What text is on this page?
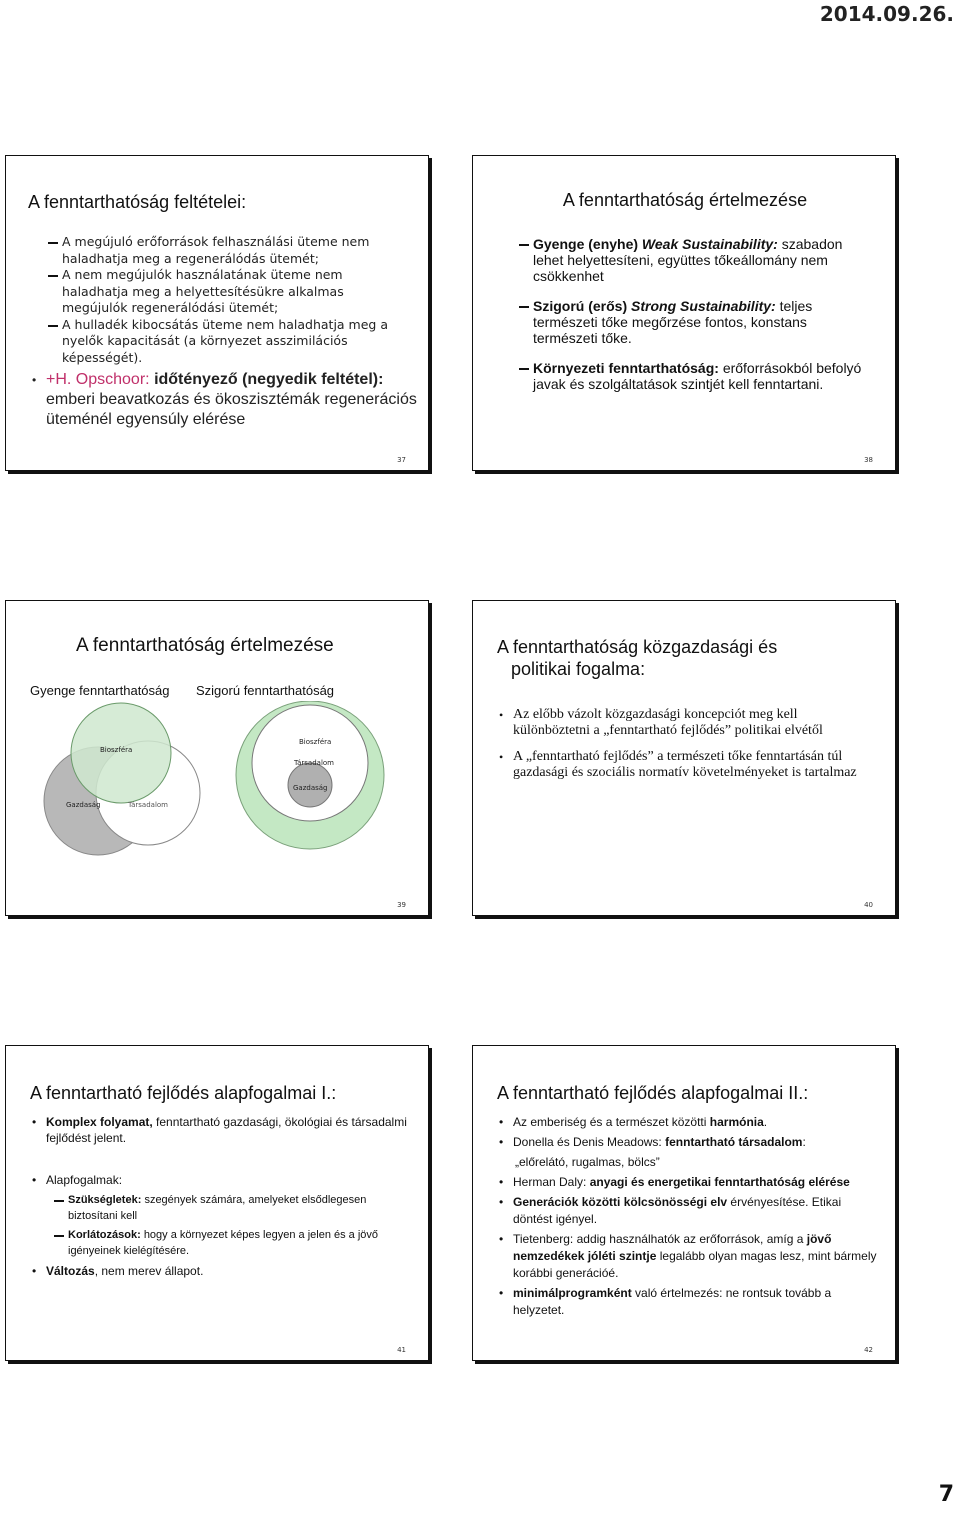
2014.09.26.
A fenntarthatóság feltételei:
A megújuló erőforrások felhasználási üteme nem haladhatja meg a regenerálódás ütemét;
A nem megújulók használatának üteme nem haladhatja meg a helyettesítésükre alkalmas megújulók regenerálódási ütemét;
A hulladék kibocsátás üteme nem haladhatja meg a nyelők kapacitását (a környezet asszimilációs képességét).
• +H. Opschoor: időtényező (negyedik feltétel): emberi beavatkozás és ökoszisztémák regenerációs üteménél egyensúly elérése
37
A fenntarthatóság értelmezése
Gyenge (enyhe) Weak Sustainability: szabadon lehet helyettesíteni, együttes tőkeállomány nem csökkenhet
Szigorú (erős) Strong Sustainability: teljes természeti tőke megőrzése fontos, konstans természeti tőke.
Környezeti fenntarthatóság: erőforrásokból befolyó javak és szolgáltatások szintjét kell fenntartani.
38
A fenntarthatóság értelmezése
Gyenge fenntarthatóság Szigorú fenntarthatóság
Bioszféra
Gazdaság	Társadalom
Bioszféra
Társadalom
Gazdaság
39
A fenntarthatóság közgazdasági és
politikai fogalma:
• Az előbb vázolt közgazdasági koncepciót meg kell különböztetni a „fenntartható fejlődés” politikai elvétől
• A „fenntartható fejlődés” a természeti tőke fenntartásán túl gazdasági és szociális normatív követelményeket is tartalmaz
40
A fenntartható fejlődés alapfogalmai I.:
• Komplex folyamat, fenntartható gazdasági, ökológiai és társadalmi fejlődést jelent.
• Alapfogalmak:
Szükségletek: szegények számára, amelyeket elsődlegesen biztosítani kell
Korlátozások: hogy a környezet képes legyen a jelen és a jövő igényeinek kielégítésére.
• Változás, nem merev állapot.
41
A fenntartható fejlődés alapfogalmai II.:
• Az emberiség és a természet közötti harmónia.
• Donella és Denis Meadows: fenntartható társadalom:
„előrelátó, rugalmas, bölcs”
• Herman Daly: anyagi és energetikai fenntarthatóság elérése
• Generációk közötti kölcsönösségi elv érvényesítése. Etikai döntést igényel.
• Tietenberg: addig használhatók az erőforrások, amíg a jövő nemzedékek jóléti szintje legalább olyan magas lesz, mint bármely korábbi generációé.
• minimálprogramként való értelmezés: ne rontsuk tovább a helyzetet.
42
7
